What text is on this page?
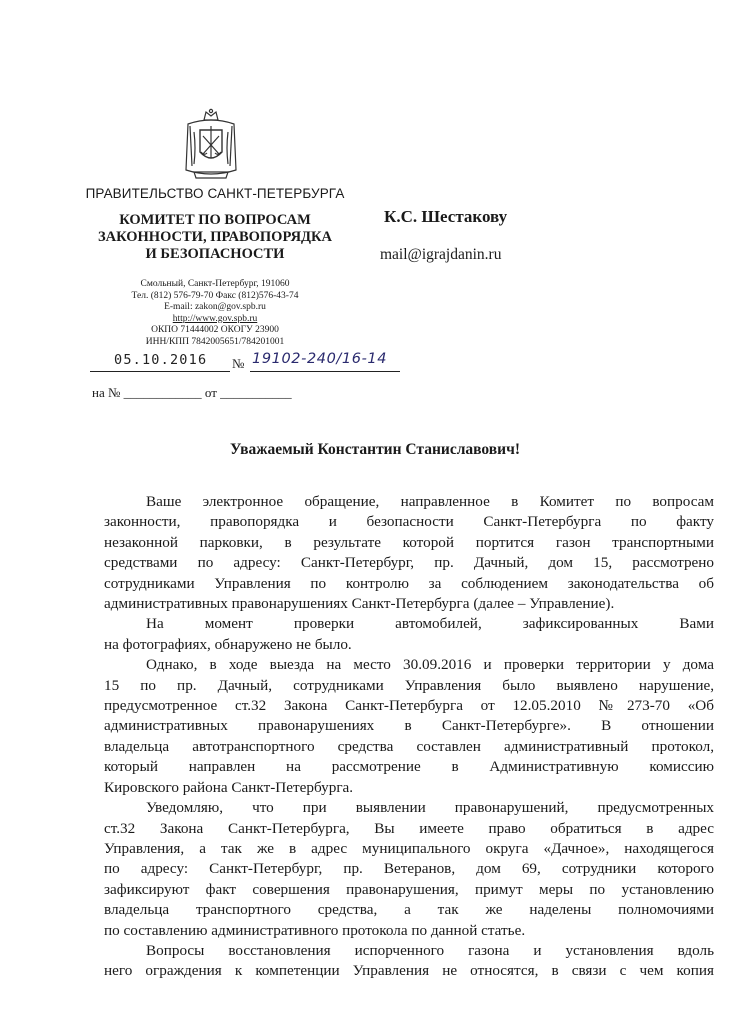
ПРАВИТЕЛЬСТВО САНКТ-ПЕТЕРБУРГА
КОМИТЕТ ПО ВОПРОСАМ
ЗАКОННОСТИ, ПРАВОПОРЯДКА
И БЕЗОПАСНОСТИ
Смольный, Санкт-Петербург, 191060
Тел. (812) 576-79-70 Факс (812)576-43-74
E-mail: zakon@gov.spb.ru
http://www.gov.spb.ru
ОКПО 71444002 ОКОГУ 23900
ИНН/КПП 7842005651/784201001
К.С. Шестакову
mail@igrajdanin.ru
05.10.2016 № 19102-240/16-14
на № ____________ от ___________
Уважаемый Константин Станиславович!

Ваше электронное обращение, направленное в Комитет по вопросам
законности, правопорядка и безопасности Санкт-Петербурга по факту
незаконной парковки, в результате которой портится газон транспортными
средствами по адресу: Санкт-Петербург, пр. Дачный, дом 15, рассмотрено
сотрудниками Управления по контролю за соблюдением законодательства об
административных правонарушениях Санкт-Петербурга (далее – Управление).

На момент проверки автомобилей, зафиксированных Вами
на фотографиях, обнаружено не было.

Однако, в ходе выезда на место 30.09.2016 и проверки территории у дома
15 по пр. Дачный, сотрудниками Управления было выявлено нарушение,
предусмотренное ст.32 Закона Санкт-Петербурга от 12.05.2010 №273-70 «Об
административных правонарушениях в Санкт-Петербурге». В отношении
владельца автотранспортного средства составлен административный протокол,
который направлен на рассмотрение в Административную комиссию
Кировского района Санкт-Петербурга.

Уведомляю, что при выявлении правонарушений, предусмотренных
ст.32 Закона Санкт-Петербурга, Вы имеете право обратиться в адрес
Управления, а так же в адрес муниципального округа «Дачное», находящегося
по адресу: Санкт-Петербург, пр. Ветеранов, дом 69, сотрудники которого
зафиксируют факт совершения правонарушения, примут меры по установлению
владельца транспортного средства, а так же наделены полномочиями
по составлению административного протокола по данной статье.

Вопросы восстановления испорченного газона и установления вдоль
него ограждения к компетенции Управления не относятся, в связи с чем копия
